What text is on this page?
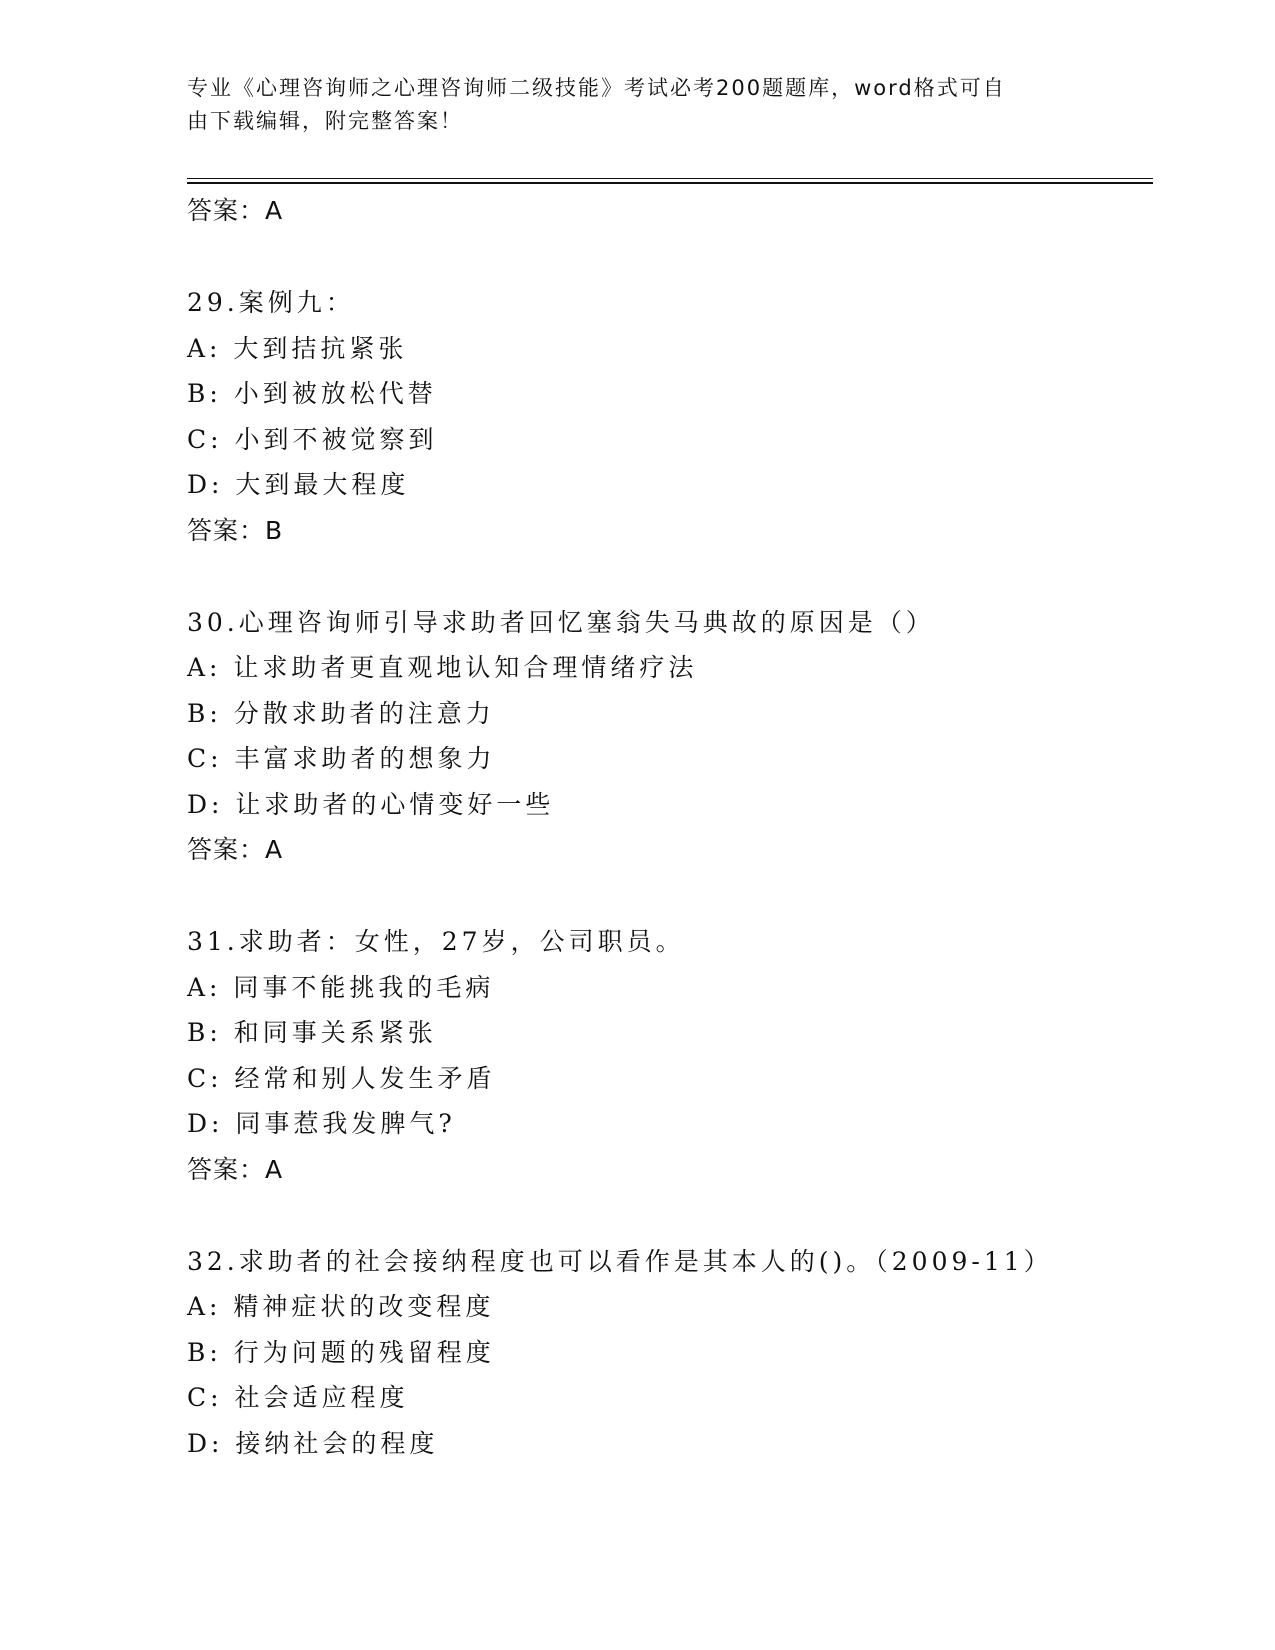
专业《心理咨询师之心理咨询师二级技能》考试必考200题题库，word格式可自
由下载编辑，附完整答案！
答案：A
29.案例九：
A: 大到拮抗紧张
B: 小到被放松代替
C: 小到不被觉察到
D: 大到最大程度
答案：B
30.心理咨询师引导求助者回忆塞翁失马典故的原因是（）
A: 让求助者更直观地认知合理情绪疗法
B: 分散求助者的注意力
C: 丰富求助者的想象力
D: 让求助者的心情变好一些
答案：A
31.求助者：女性，27岁，公司职员。
A: 同事不能挑我的毛病
B: 和同事关系紧张
C: 经常和别人发生矛盾
D: 同事惹我发脾气?
答案：A
32.求助者的社会接纳程度也可以看作是其本人的()。（2009-11）
A: 精神症状的改变程度
B: 行为问题的残留程度
C: 社会适应程度
D: 接纳社会的程度
